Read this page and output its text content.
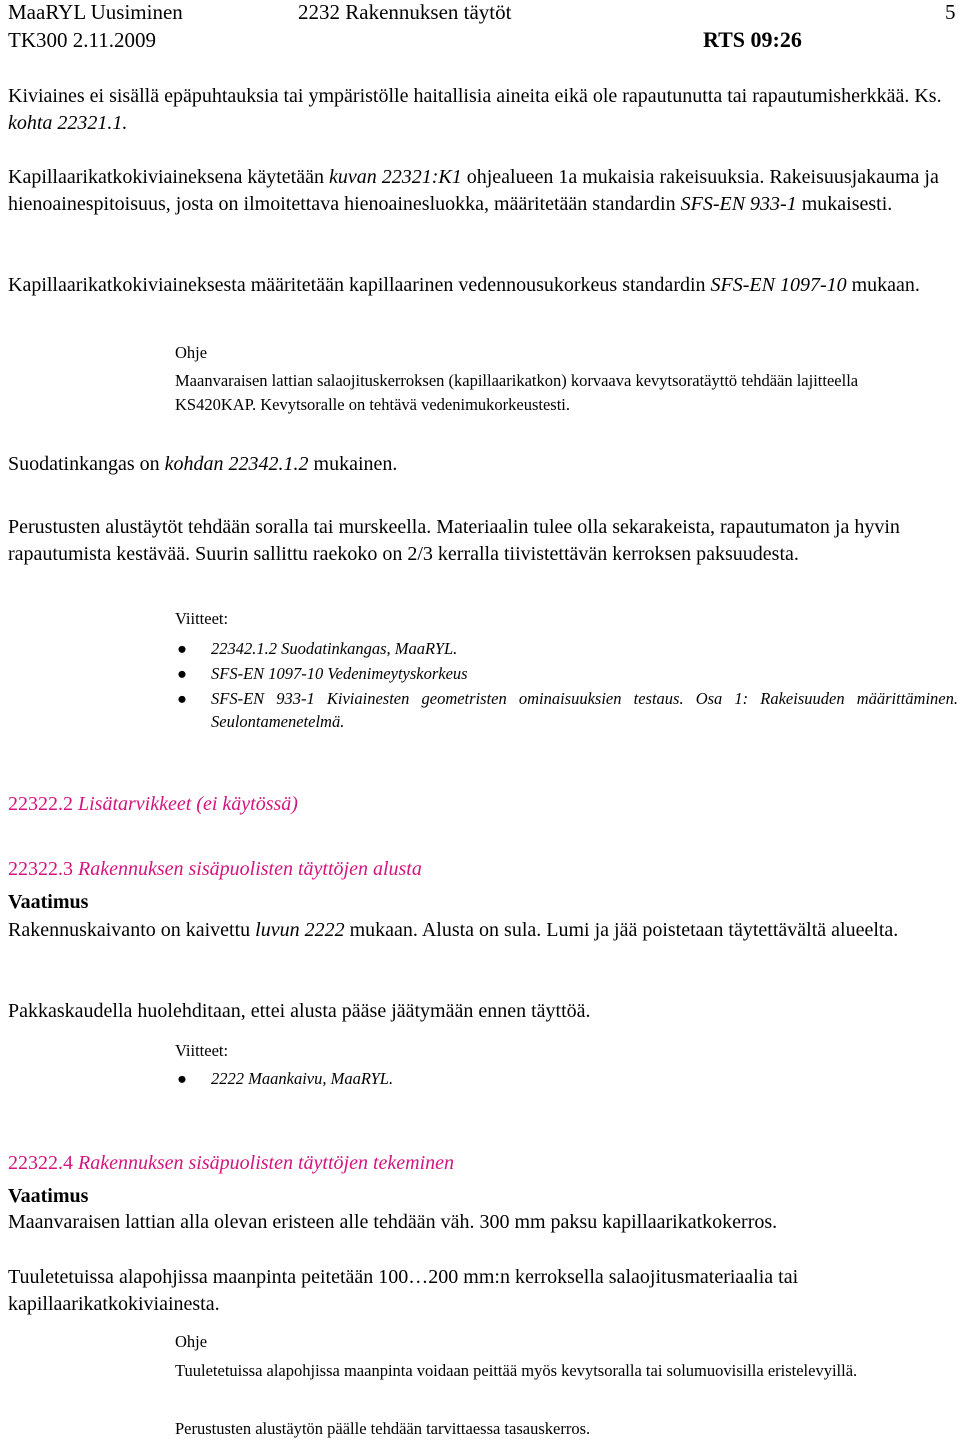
MaaRYL Uusiminen
TK300 2.11.2009
2232 Rakennuksen täytöt
RTS 09:26
5

Kiviaines ei sisällä epäpuhtauksia tai ympäristölle haitallisia aineita eikä ole rapautunutta tai rapautumisherkkää. Ks. kohta 22321.1.

Kapillaarikatkokiviaineksena käytetään kuvan 22321:K1 ohjealueen 1a mukaisia rakeisuuksia. Rakeisuusjakauma ja hienoainespitoisuus, josta on ilmoitettava hienoainesluokka, määritetään standardin SFS-EN 933-1 mukaisesti.

Kapillaarikatkokiviaineksesta määritetään kapillaarinen vedennousukorkeus standardin SFS-EN 1097-10 mukaan.

Ohje

Maanvaraisen lattian salaojituskerroksen (kapillaarikatkon) korvaava kevytsoratäyttö tehdään lajitteella KS420KAP. Kevytsoralle on tehtävä vedenimukorkeustesti.

Suodatinkangas on kohdan 22342.1.2 mukainen.

Perustusten alustäytöt tehdään soralla tai murskeella. Materiaalin tulee olla sekarakeista, rapautumaton ja hyvin rapautumista kestävää. Suurin sallittu raekoko on 2/3 kerralla tiivistettävän kerroksen paksuudesta.

Viitteet:
● 22342.1.2 Suodatinkangas, MaaRYL.
● SFS-EN 1097-10 Vedenimeytyskorkeus
● SFS-EN 933-1 Kiviainesten geometristen ominaisuuksien testaus. Osa 1: Rakeisuuden määrittäminen. Seulontamenetelmä.
22322.2 Lisätarvikkeet (ei käytössä)
22322.3 Rakennuksen sisäpuolisten täyttöjen alusta
Vaatimus

Rakennuskaivanto on kaivettu luvun 2222 mukaan. Alusta on sula. Lumi ja jää poistetaan täytettävältä alueelta.

Pakkaskaudella huolehditaan, ettei alusta pääse jäätymään ennen täyttöä.

Viitteet:
● 2222 Maankaivu, MaaRYL.
22322.4 Rakennuksen sisäpuolisten täyttöjen tekeminen
Vaatimus

Maanvaraisen lattian alla olevan eristeen alle tehdään väh. 300 mm paksu kapillaarikatkokerros.

Tuuletetuissa alapohjissa maanpinta peitetään 100…200 mm:n kerroksella salaojitusmateriaalia tai kapillaarikatkokiviainesta.

Ohje

Tuuletetuissa alapohjissa maanpinta voidaan peittää myös kevytsoralla tai solumuovisilla eristelevyillä.

Perustusten alustäytön päälle tehdään tarvittaessa tasauskerros.
